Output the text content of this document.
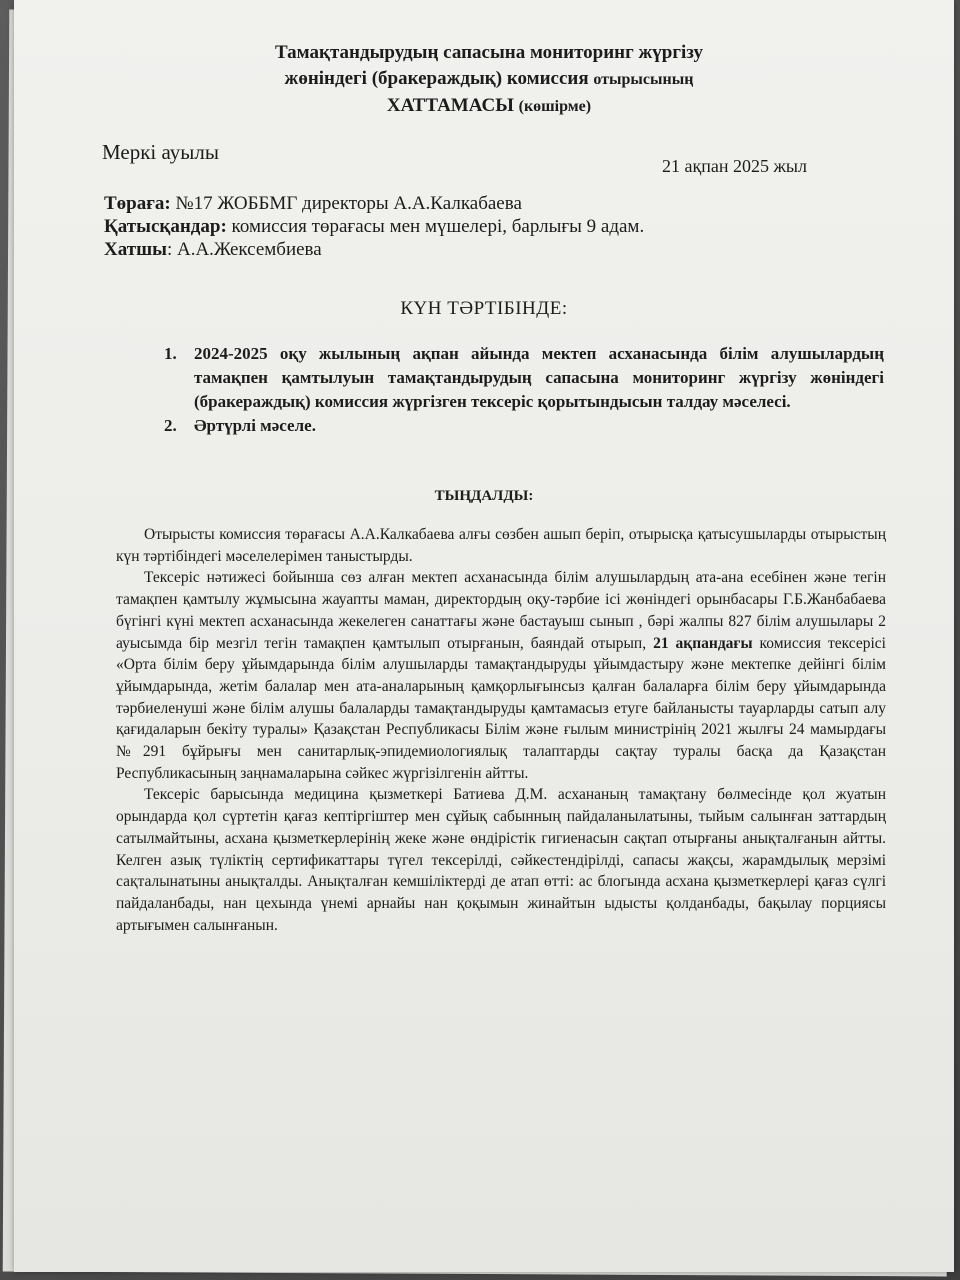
Тамақтандырудың сапасына мониторинг жүргізу
жөніндегі (бракераждық) комиссия отырысының
ХАТТАМАСЫ (көшірме)
Меркі ауылы
21 ақпан 2025 жыл
Төраға: №17 ЖОББМГ директоры А.А.Калкабаева
Қатысқандар: комиссия төрағасы мен мүшелері, барлығы 9 адам.
Хатшы: А.А.Жексембиева
КҮН ТӘРТІБІНДЕ:
1. 2024-2025 оқу жылының ақпан айында мектеп асханасында білім алушылардың тамақпен қамтылуын тамақтандырудың сапасына мониторинг жүргізу жөніндегі (бракераждық) комиссия жүргізген тексеріс қорытындысын талдау мәселесі.
2. Әртүрлі мәселе.
ТЫҢДАЛДЫ:

Отырысты комиссия төрағасы А.А.Калкабаева алғы сөзбен ашып беріп, отырысқа қатысушыларды отырыстың күн тәртібіндегі мәселелерімен таныстырды.

Тексеріс нәтижесі бойынша сөз алған мектеп асханасында білім алушылардың ата-ана есебінен және тегін тамақпен қамтылу жұмысына жауапты маман, директордың оқу-тәрбие ісі жөніндегі орынбасары Г.Б.Жанбабаева бүгінгі күні мектеп асханасында жекелеген санаттағы және бастауыш сынып , бәрі жалпы 827 білім алушылары 2 ауысымда бір мезгіл тегін тамақпен қамтылып отырғанын, баяндай отырып, 21 ақпандағы комиссия тексерісі «Орта білім беру ұйымдарында білім алушыларды тамақтандыруды ұйымдастыру және мектепке дейінгі білім ұйымдарында, жетім балалар мен ата-аналарының қамқорлығынсыз қалған балаларға білім беру ұйымдарында тәрбиеленуші және білім алушы балаларды тамақтандыруды қамтамасыз етуге байланысты тауарларды сатып алу қағидаларын бекіту туралы» Қазақстан Республикасы Білім және ғылым министрінің 2021 жылғы 24 мамырдағы №291 бұйрығы мен санитарлық-эпидемиологиялық талаптарды сақтау туралы басқа да Қазақстан Республикасының заңнамаларына сәйкес жүргізілгенін айтты.

Тексеріс барысында медицина қызметкері Батиева Д.М. асхананың тамақтану бөлмесінде қол жуатын орындарда қол сүртетін қағаз кептіргіштер мен сұйық сабынның пайдаланылатыны, тыйым салынған заттардың сатылмайтыны, асхана қызметкерлерінің жеке және өндірістік гигиенасын сақтап отырғаны анықталғанын айтты. Келген азық түліктің сертификаттары түгел тексерілді, сәйкестендірілді, сапасы жақсы, жарамдылық мерзімі сақталынатыны анықталды. Анықталған кемшіліктерді де атап өтті: ас блогында асхана қызметкерлері қағаз сүлгі пайдаланбады, нан цехында үнемі арнайы нан қоқымын жинайтын ыдысты қолданбады, бақылау порциясы артығымен салынғанын.
